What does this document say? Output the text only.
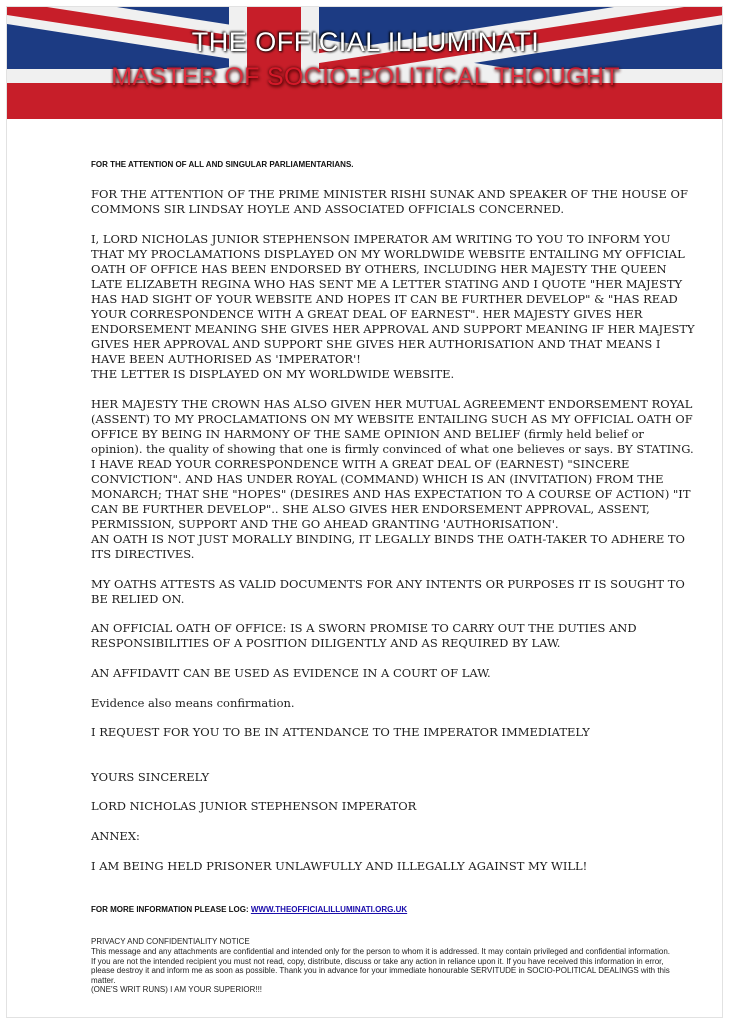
THE OFFICIAL ILLUMINATI
MASTER OF SOCIO-POLITICAL THOUGHT
FOR THE ATTENTION OF ALL AND SINGULAR PARLIAMENTARIANS.

FOR THE ATTENTION OF THE PRIME MINISTER RISHI SUNAK AND SPEAKER OF THE HOUSE OF COMMONS SIR LINDSAY HOYLE AND ASSOCIATED OFFICIALS CONCERNED.

I, LORD NICHOLAS JUNIOR STEPHENSON IMPERATOR AM WRITING TO YOU TO INFORM YOU THAT MY PROCLAMATIONS DISPLAYED ON MY WORLDWIDE WEBSITE ENTAILING MY OFFICIAL OATH OF OFFICE HAS BEEN ENDORSED BY OTHERS, INCLUDING HER MAJESTY THE QUEEN LATE ELIZABETH REGINA WHO HAS SENT ME A LETTER STATING AND I QUOTE "HER MAJESTY HAS HAD SIGHT OF YOUR WEBSITE AND HOPES IT CAN BE FURTHER DEVELOP" & "HAS READ YOUR CORRESPONDENCE WITH A GREAT DEAL OF EARNEST". HER MAJESTY GIVES HER ENDORSEMENT MEANING SHE GIVES HER APPROVAL AND SUPPORT MEANING IF HER MAJESTY GIVES HER APPROVAL AND SUPPORT SHE GIVES HER AUTHORISATION AND THAT MEANS I HAVE BEEN AUTHORISED AS 'IMPERATOR'!

THE LETTER IS DISPLAYED ON MY WORLDWIDE WEBSITE.

HER MAJESTY THE CROWN HAS ALSO GIVEN HER MUTUAL AGREEMENT ENDORSEMENT ROYAL (ASSENT) TO MY PROCLAMATIONS ON MY WEBSITE ENTAILING SUCH AS MY OFFICIAL OATH OF OFFICE BY BEING IN HARMONY OF THE SAME OPINION AND BELIEF (firmly held belief or opinion). the quality of showing that one is firmly convinced of what one believes or says. BY STATING. I HAVE READ YOUR CORRESPONDENCE WITH A GREAT DEAL OF (EARNEST) "SINCERE CONVICTION". AND HAS UNDER ROYAL (COMMAND) WHICH IS AN (INVITATION) FROM THE MONARCH; THAT SHE "HOPES" (DESIRES AND HAS EXPECTATION TO A COURSE OF ACTION) "IT CAN BE FURTHER DEVELOP".. SHE ALSO GIVES HER ENDORSEMENT APPROVAL, ASSENT, PERMISSION, SUPPORT AND THE GO AHEAD GRANTING 'AUTHORISATION'.

AN OATH IS NOT JUST MORALLY BINDING, IT LEGALLY BINDS THE OATH-TAKER TO ADHERE TO ITS DIRECTIVES.

MY OATHS ATTESTS AS VALID DOCUMENTS FOR ANY INTENTS OR PURPOSES IT IS SOUGHT TO BE RELIED ON.

AN OFFICIAL OATH OF OFFICE: IS A SWORN PROMISE TO CARRY OUT THE DUTIES AND RESPONSIBILITIES OF A POSITION DILIGENTLY AND AS REQUIRED BY LAW.

AN AFFIDAVIT CAN BE USED AS EVIDENCE IN A COURT OF LAW.

Evidence also means confirmation.

I REQUEST FOR YOU TO BE IN ATTENDANCE TO THE IMPERATOR IMMEDIATELY

YOURS SINCERELY

LORD NICHOLAS JUNIOR STEPHENSON IMPERATOR

ANNEX:

I AM BEING HELD PRISONER UNLAWFULLY AND ILLEGALLY AGAINST MY WILL!

FOR MORE INFORMATION PLEASE LOG: WWW.THEOFFICIALILLUMINATI.ORG.UK

PRIVACY AND CONFIDENTIALITY NOTICE

This message and any attachments are confidential and intended only for the person to whom it is addressed. It may contain privileged and confidential information. If you are not the intended recipient you must not read, copy, distribute, discuss or take any action in reliance upon it. If you have received this information in error, please destroy it and inform me as soon as possible. Thank you in advance for your immediate honourable SERVITUDE in SOCIO-POLITICAL DEALINGS with this matter.

(ONE'S WRIT RUNS) I AM YOUR SUPERIOR!!!
